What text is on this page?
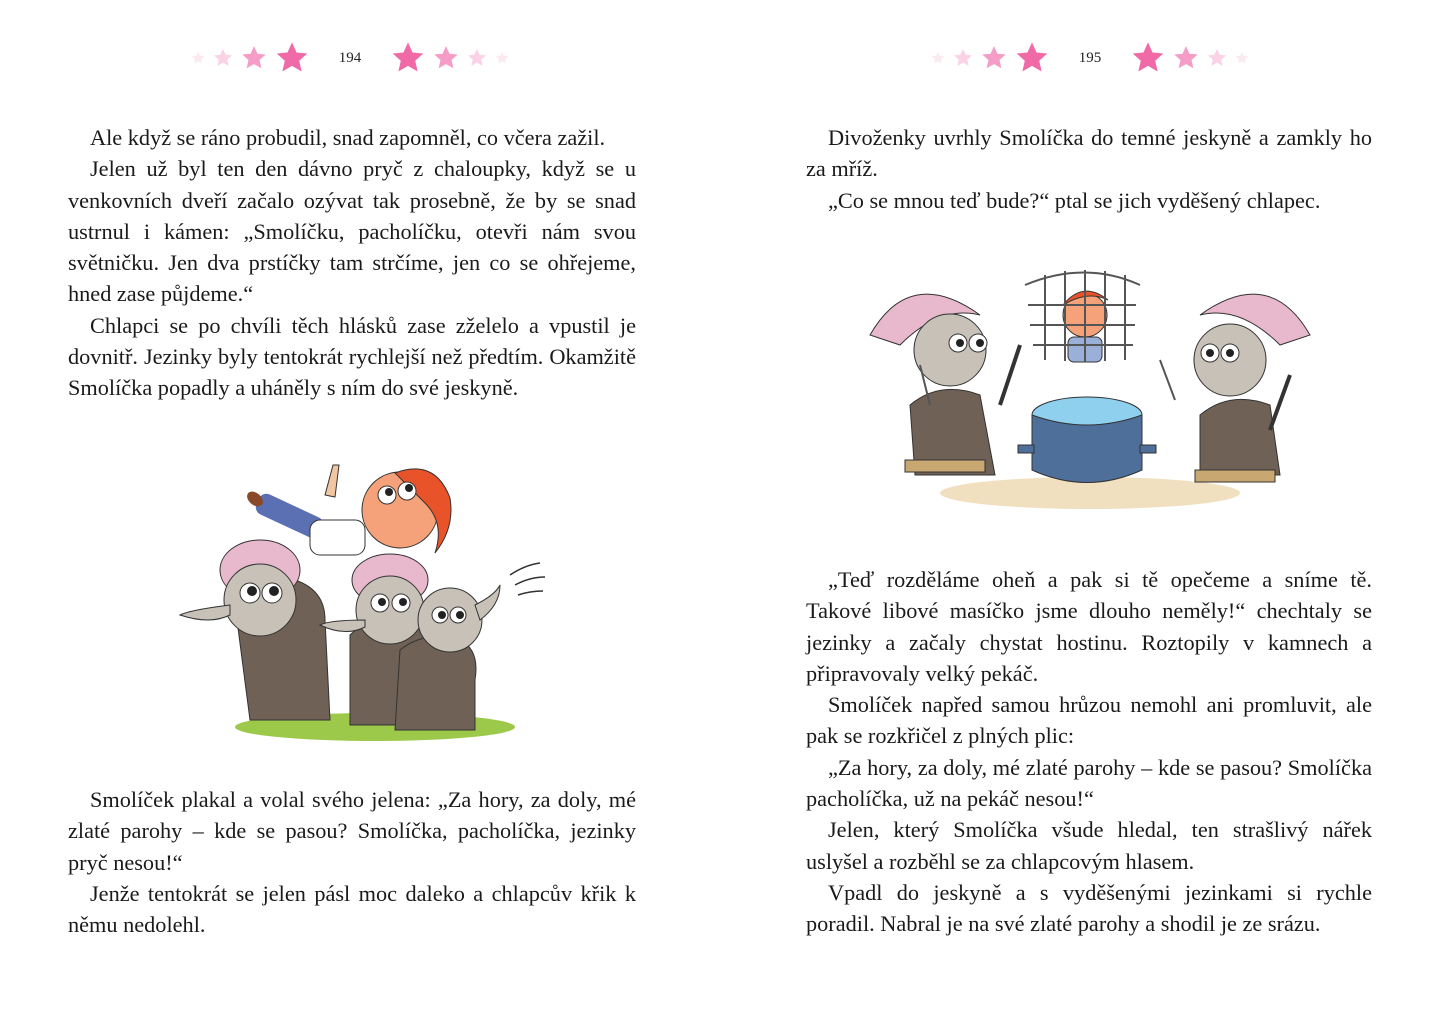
194

Ale když se ráno probudil, snad zapomněl, co včera zažil.

Jelen už byl ten den dávno pryč z chaloupky, když se u venkovních dveří začalo ozývat tak prosebně, že by se snad ustrnul i kámen: „Smolíčku, pacholíčku, otevři nám svou světničku. Jen dva prstíčky tam strčíme, jen co se ohřejeme, hned zase půjdeme.“

Chlapci se po chvíli těch hlásků zase zželelo a vpustil je dovnitř. Jezinky byly tentokrát rychlejší než předtím. Okamžitě Smolíčka popadly a uháněly s ním do své jeskyně.

Smolíček plakal a volal svého jelena: „Za hory, za doly, mé zlaté parohy – kde se pasou? Smolíčka, pacholíčka, jezinky pryč nesou!“

Jenže tentokrát se jelen pásl moc daleko a chlapcův křik k němu nedolehl.

195

Divoženky uvrhly Smolíčka do temné jeskyně a zamkly ho za mříž.

„Co se mnou teď bude?“ ptal se jich vyděšený chlapec.

„Teď rozděláme oheň a pak si tě opečeme a sníme tě. Takové libové masíčko jsme dlouho neměly!“ chechtaly se jezinky a začaly chystat hostinu. Roztopily v kamnech a připravovaly velký pekáč.

Smolíček napřed samou hrůzou nemohl ani promluvit, ale pak se rozkřičel z plných plic:

„Za hory, za doly, mé zlaté parohy – kde se pasou? Smolíčka pacholíčka, už na pekáč nesou!“

Jelen, který Smolíčka všude hledal, ten strašlivý nářek uslyšel a rozběhl se za chlapcovým hlasem.

Vpadl do jeskyně a s vyděšenými jezinkami si rychle poradil. Nabral je na své zlaté parohy a shodil je ze srázu.
